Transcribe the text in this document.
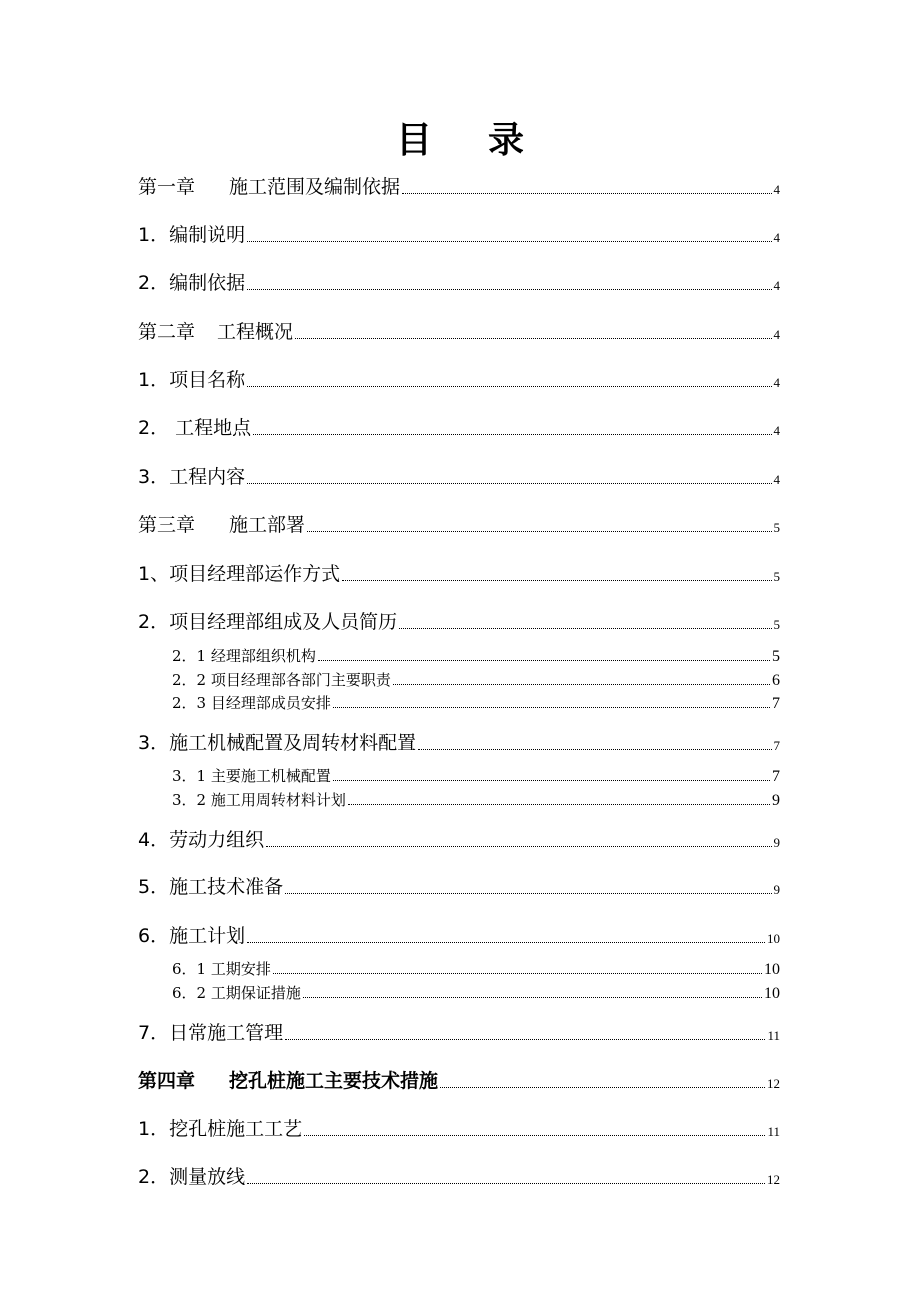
目 录
第一章 施工范围及编制依据	4
1．编制说明	4
2．编制依据	4
第二章 工程概况	4
1．项目名称	4
2． 工程地点	4
3．工程内容	4
第三章 施工部署	5
1、项目经理部运作方式	5
2．项目经理部组成及人员简历	5
2．1 经理部组织机构	5
2．2 项目经理部各部门主要职责	6
2．3 目经理部成员安排	7
3．施工机械配置及周转材料配置	7
3．1 主要施工机械配置	7
3．2 施工用周转材料计划	9
4．劳动力组织	9
5．施工技术准备	9
6．施工计划	10
6．1 工期安排	10
6．2 工期保证措施	10
7．日常施工管理	11
第四章 挖孔桩施工主要技术措施	12
1．挖孔桩施工工艺	11
2．测量放线	12
